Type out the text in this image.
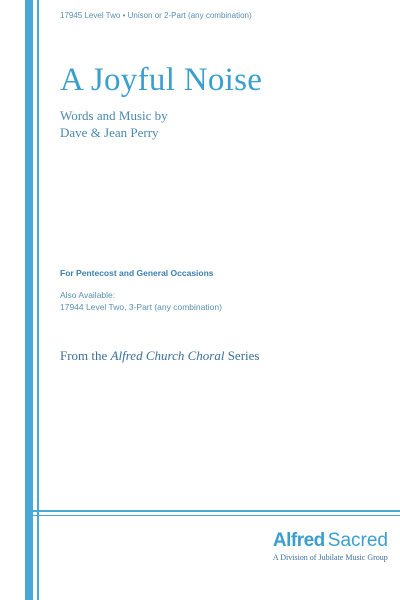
17945 Level Two • Unison or 2-Part (any combination)
A Joyful Noise
Words and Music by
Dave & Jean Perry
For Pentecost and General Occasions
Also Available:
17944 Level Two, 3-Part (any combination)
From the Alfred Church Choral Series
Alfred Sacred
A Division of Jubilate Music Group
